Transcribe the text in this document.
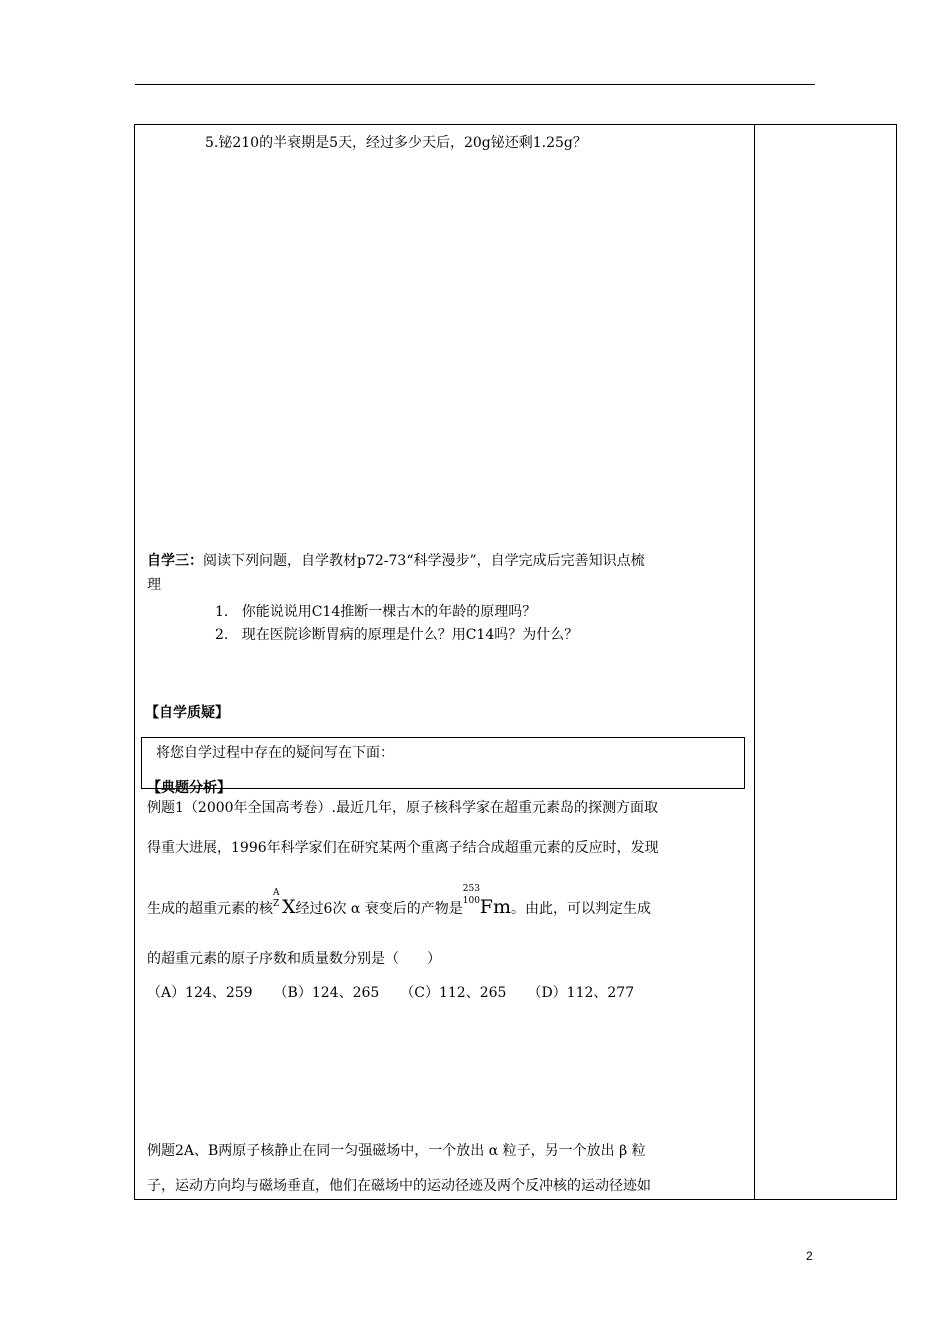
5.铋210的半衰期是5天，经过多少天后，20g铋还剩1.25g？
自学三：阅读下列问题，自学教材p72-73“科学漫步”，自学完成后完善知识点梳
理
1. 你能说说用C14推断一棵古木的年龄的原理吗？
2. 现在医院诊断胃病的原理是什么？用C14吗？为什么？
【自学质疑】
将您自学过程中存在的疑问写在下面：
【典题分析】
例题1（2000年全国高考卷）.最近几年，原子核科学家在超重元素岛的探测方面取
得重大进展，1996年科学家们在研究某两个重离子结合成超重元素的反应时，发现
生成的超重元素的核
A
Z X经过6次 α 衰变后的产物是
253
100 Fm。由此，可以判定生成
的超重元素的原子序数和质量数分别是（　　）
（A）124、259　　（B）124、265　　（C）112、265　　（D）112、277
例题2A、B两原子核静止在同一匀强磁场中，一个放出 α 粒子，另一个放出 β 粒
子，运动方向均与磁场垂直，他们在磁场中的运动径迹及两个反冲核的运动径迹如
2
